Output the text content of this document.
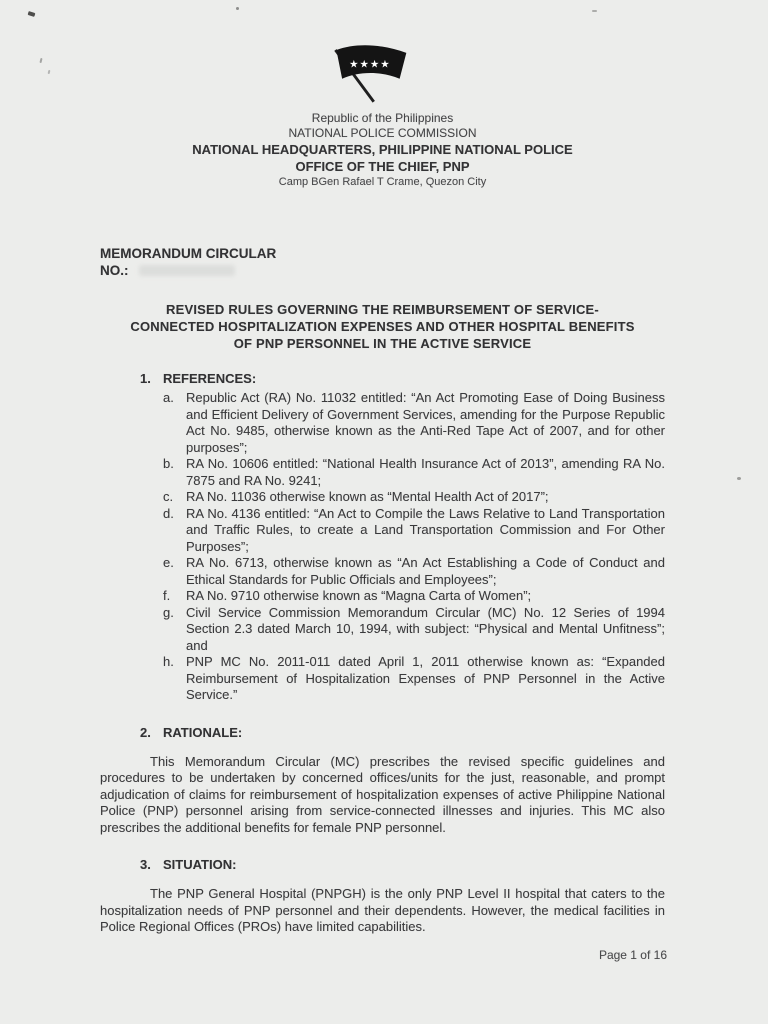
★★★★
Republic of the Philippines
NATIONAL POLICE COMMISSION
NATIONAL HEADQUARTERS, PHILIPPINE NATIONAL POLICE
OFFICE OF THE CHIEF, PNP
Camp BGen Rafael T Crame, Quezon City
MEMORANDUM CIRCULAR
NO.:
REVISED RULES GOVERNING THE REIMBURSEMENT OF SERVICE-CONNECTED HOSPITALIZATION EXPENSES AND OTHER HOSPITAL BENEFITS OF PNP PERSONNEL IN THE ACTIVE SERVICE
1. REFERENCES:
a. Republic Act (RA) No. 11032 entitled: “An Act Promoting Ease of Doing Business and Efficient Delivery of Government Services, amending for the Purpose Republic Act No. 9485, otherwise known as the Anti-Red Tape Act of 2007, and for other purposes”;
b. RA No. 10606 entitled: “National Health Insurance Act of 2013”, amending RA No. 7875 and RA No. 9241;
c. RA No. 11036 otherwise known as “Mental Health Act of 2017”;
d. RA No. 4136 entitled: “An Act to Compile the Laws Relative to Land Transportation and Traffic Rules, to create a Land Transportation Commission and For Other Purposes”;
e. RA No. 6713, otherwise known as “An Act Establishing a Code of Conduct and Ethical Standards for Public Officials and Employees”;
f.	RA No. 9710 otherwise known as “Magna Carta of Women”;
g. Civil Service Commission Memorandum Circular (MC) No. 12 Series of 1994 Section 2.3 dated March 10, 1994, with subject: “Physical and Mental Unfitness”; and
h. PNP MC No. 2011-011 dated April 1, 2011 otherwise known as: “Expanded Reimbursement of Hospitalization Expenses of PNP Personnel in the Active Service.”
2. RATIONALE:

This Memorandum Circular (MC) prescribes the revised specific guidelines and procedures to be undertaken by concerned offices/units for the just, reasonable, and prompt adjudication of claims for reimbursement of hospitalization expenses of active Philippine National Police (PNP) personnel arising from service-connected illnesses and injuries. This MC also prescribes the additional benefits for female PNP personnel.

3. SITUATION:

The PNP General Hospital (PNPGH) is the only PNP Level II hospital that caters to the hospitalization needs of PNP personnel and their dependents. However, the medical facilities in Police Regional Offices (PROs) have limited capabilities.

Page 1 of 16
